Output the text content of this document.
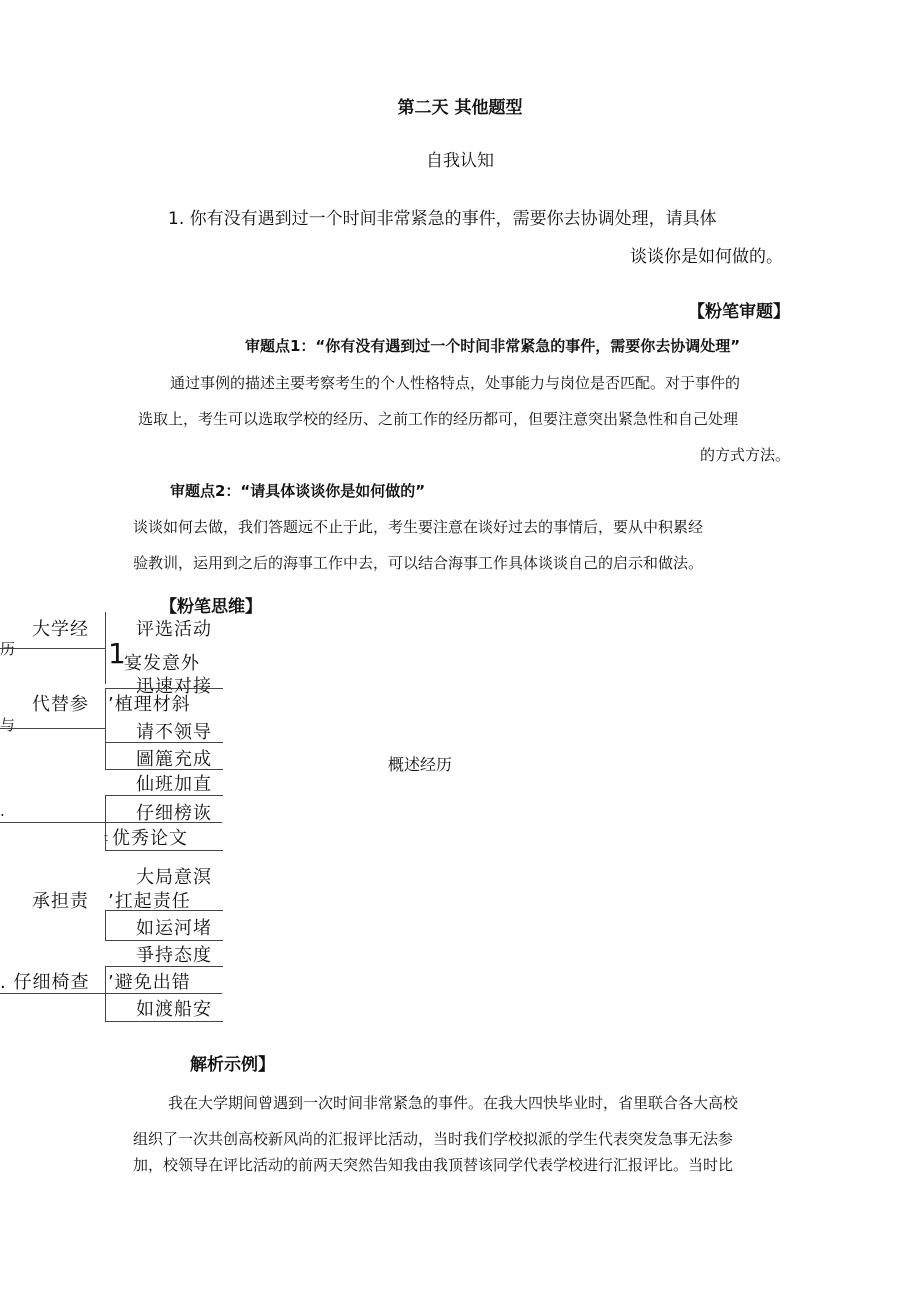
第二天 其他题型
自我认知
1. 你有没有遇到过一个时间非常紧急的事件，需要你去协调处理，请具体
谈谈你是如何做的。
【粉笔审题】
审题点1：“你有没有遇到过一个时间非常紧急的事件，需要你去协调处理”
通过事例的描述主要考察考生的个人性格特点，处事能力与岗位是否匹配。对于事件的
选取上，考生可以选取学校的经历、之前工作的经历都可，但要注意突出紧急性和自己处理
的方式方法。
审题点2：“请具体谈谈你是如何做的”
谈谈如何去做，我们答题远不止于此，考生要注意在谈好过去的事情后，要从中积累经
验教训，运用到之后的海事工作中去，可以结合海事工作具体谈谈自己的启示和做法。
【粉笔思维】
历
与
.
t
大学经
代替参
承担责
. 仔细椅查
1
评选活动
宴发意外
迅速对接
’植理材斜
请不领导
圖簏充成
仙班加直
仔细榜诙
优秀论文
大局意溟
’扛起责任
如运河堵
爭持态度
’避免出错
如渡船安
概述经历
解析示例】
我在大学期间曾遇到一次时间非常紧急的事件。在我大四快毕业时，省里联合各大高校
组织了一次共创高校新风尚的汇报评比活动，当时我们学校拟派的学生代表突发急事无法参
加，校领导在评比活动的前两天突然告知我由我顶替该同学代表学校进行汇报评比。当时比
